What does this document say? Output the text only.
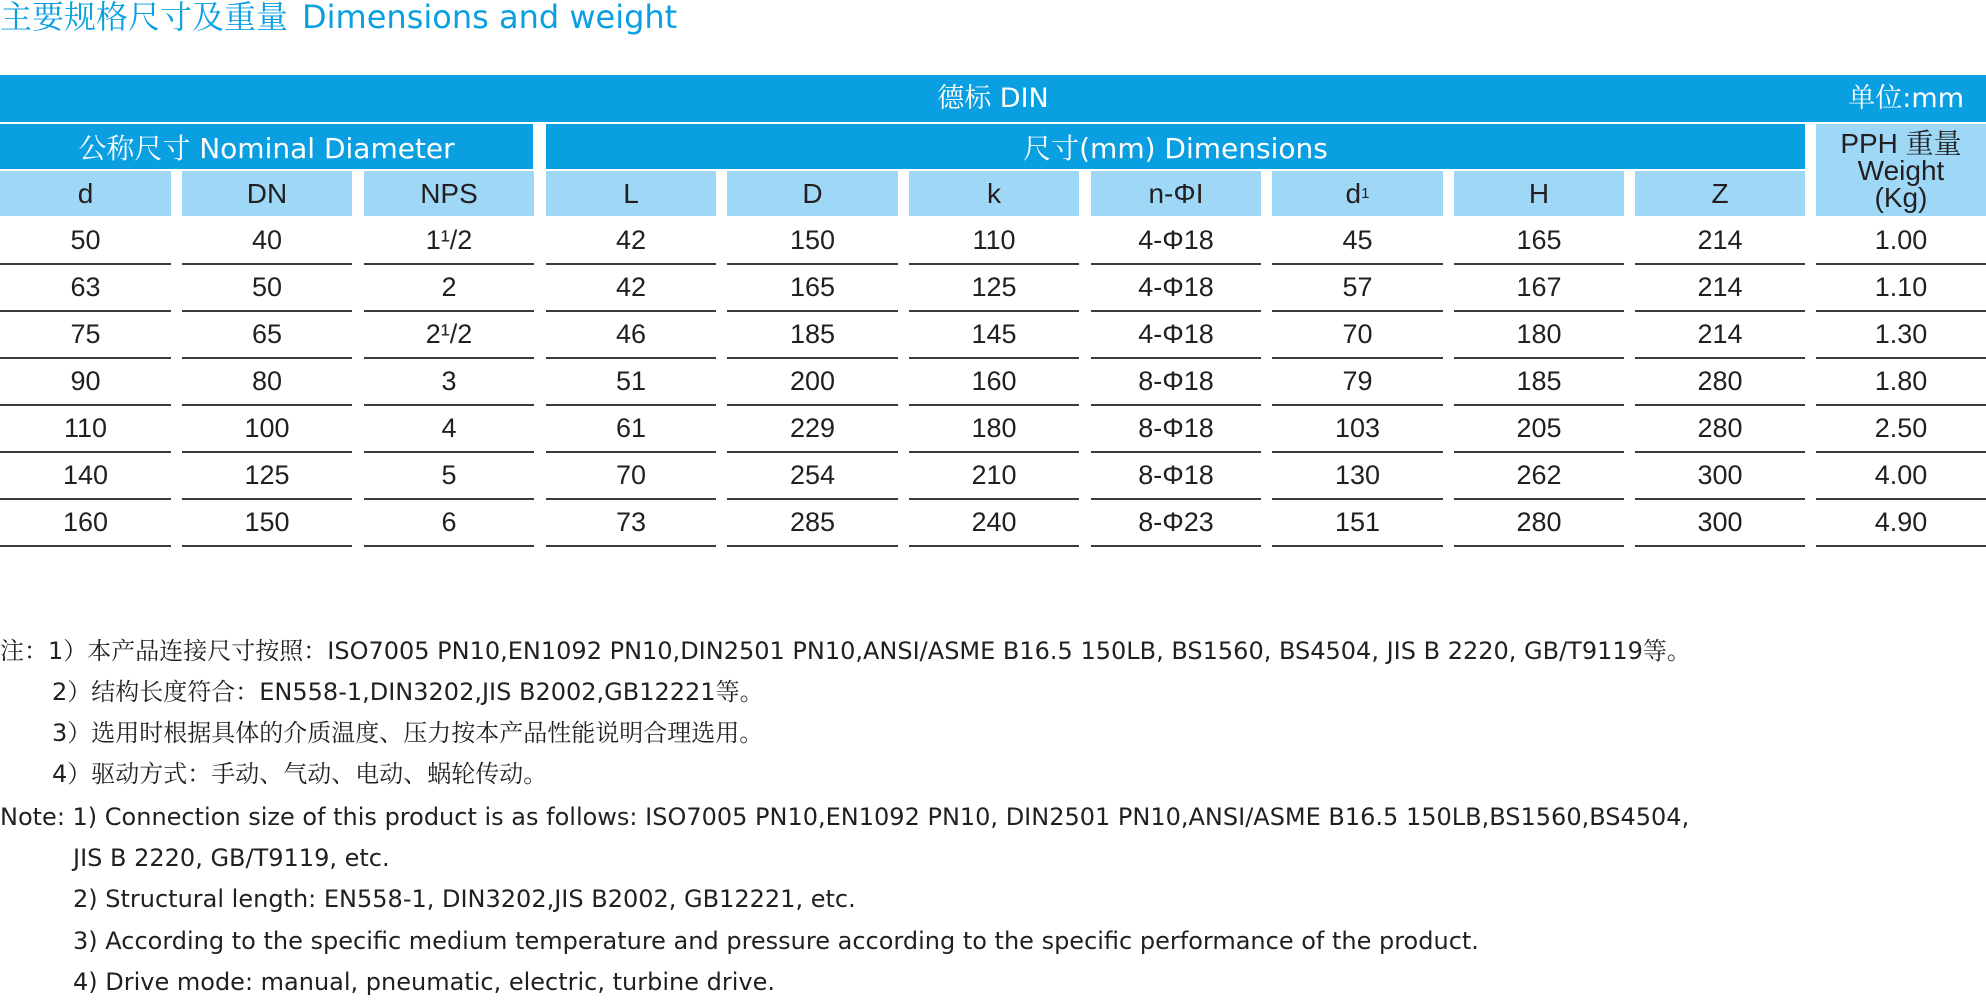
主要规格尺寸及重量 Dimensions and weight
德标 DIN	单位:mm
公称尺寸 Nominal Diameter	尺寸(mm) Dimensions	PPH 重量
Weight
(Kg)
d	DN	NPS	L	D	k	n-ΦI	d 1	H	Z
50	40	1¹/2	42	150	110	4-Φ18	45	165	214	1.00
63	50	2	42	165	125	4-Φ18	57	167	214	1.10
75	65	2¹/2	46	185	145	4-Φ18	70	180	214	1.30
90	80	3	51	200	160	8-Φ18	79	185	280	1.80
110	100	4	61	229	180	8-Φ18	103	205	280	2.50
140	125	5	70	254	210	8-Φ18	130	262	300	4.00
160	150	6	73	285	240	8-Φ23	151	280	300	4.90
注：1）本产品连接尺寸按照：ISO7005 PN10,EN1092 PN10,DIN2501 PN10,ANSI/ASME B16.5 150LB, BS1560, BS4504, JIS B 2220, GB/T9119等。
2）结构长度符合：EN558-1,DIN3202,JIS B2002,GB12221等。
3）选用时根据具体的介质温度、压力按本产品性能说明合理选用。
4）驱动方式：手动、气动、电动、蜗轮传动。
Note: 1) Connection size of this product is as follows: ISO7005 PN10,EN1092 PN10, DIN2501 PN10,ANSI/ASME B16.5 150LB,BS1560,BS4504,
JIS B 2220, GB/T9119, etc.
2) Structural length: EN558-1, DIN3202,JIS B2002, GB12221, etc.
3) According to the specific medium temperature and pressure according to the specific performance of the product.
4) Drive mode: manual, pneumatic, electric, turbine drive.
